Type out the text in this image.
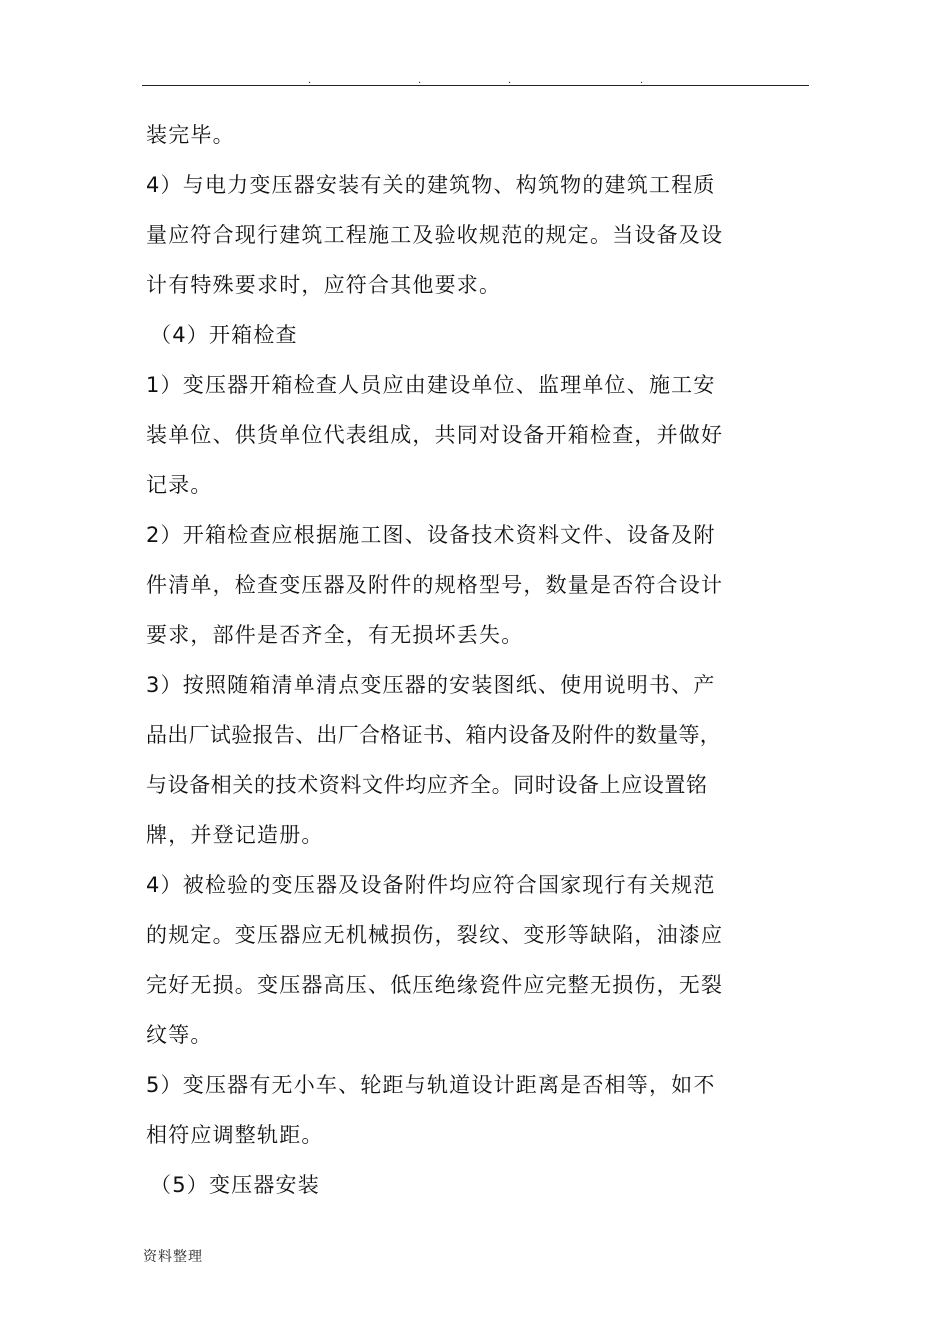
.	.	.	.
装完毕。
4）与电力变压器安装有关的建筑物、构筑物的建筑工程质
量应符合现行建筑工程施工及验收规范的规定。当设备及设
计有特殊要求时，应符合其他要求。
（4）开箱检查
1）变压器开箱检查人员应由建设单位、监理单位、施工安
装单位、供货单位代表组成，共同对设备开箱检查，并做好
记录。
2）开箱检查应根据施工图、设备技术资料文件、设备及附
件清单，检查变压器及附件的规格型号，数量是否符合设计
要求，部件是否齐全，有无损坏丢失。
3）按照随箱清单清点变压器的安装图纸、使用说明书、产
品出厂试验报告、出厂合格证书、箱内设备及附件的数量等，
与设备相关的技术资料文件均应齐全。同时设备上应设置铭
牌，并登记造册。
4）被检验的变压器及设备附件均应符合国家现行有关规范
的规定。变压器应无机械损伤，裂纹、变形等缺陷，油漆应
完好无损。变压器高压、低压绝缘瓷件应完整无损伤，无裂
纹等。
5）变压器有无小车、轮距与轨道设计距离是否相等，如不
相符应调整轨距。
（5）变压器安装
资料整理
